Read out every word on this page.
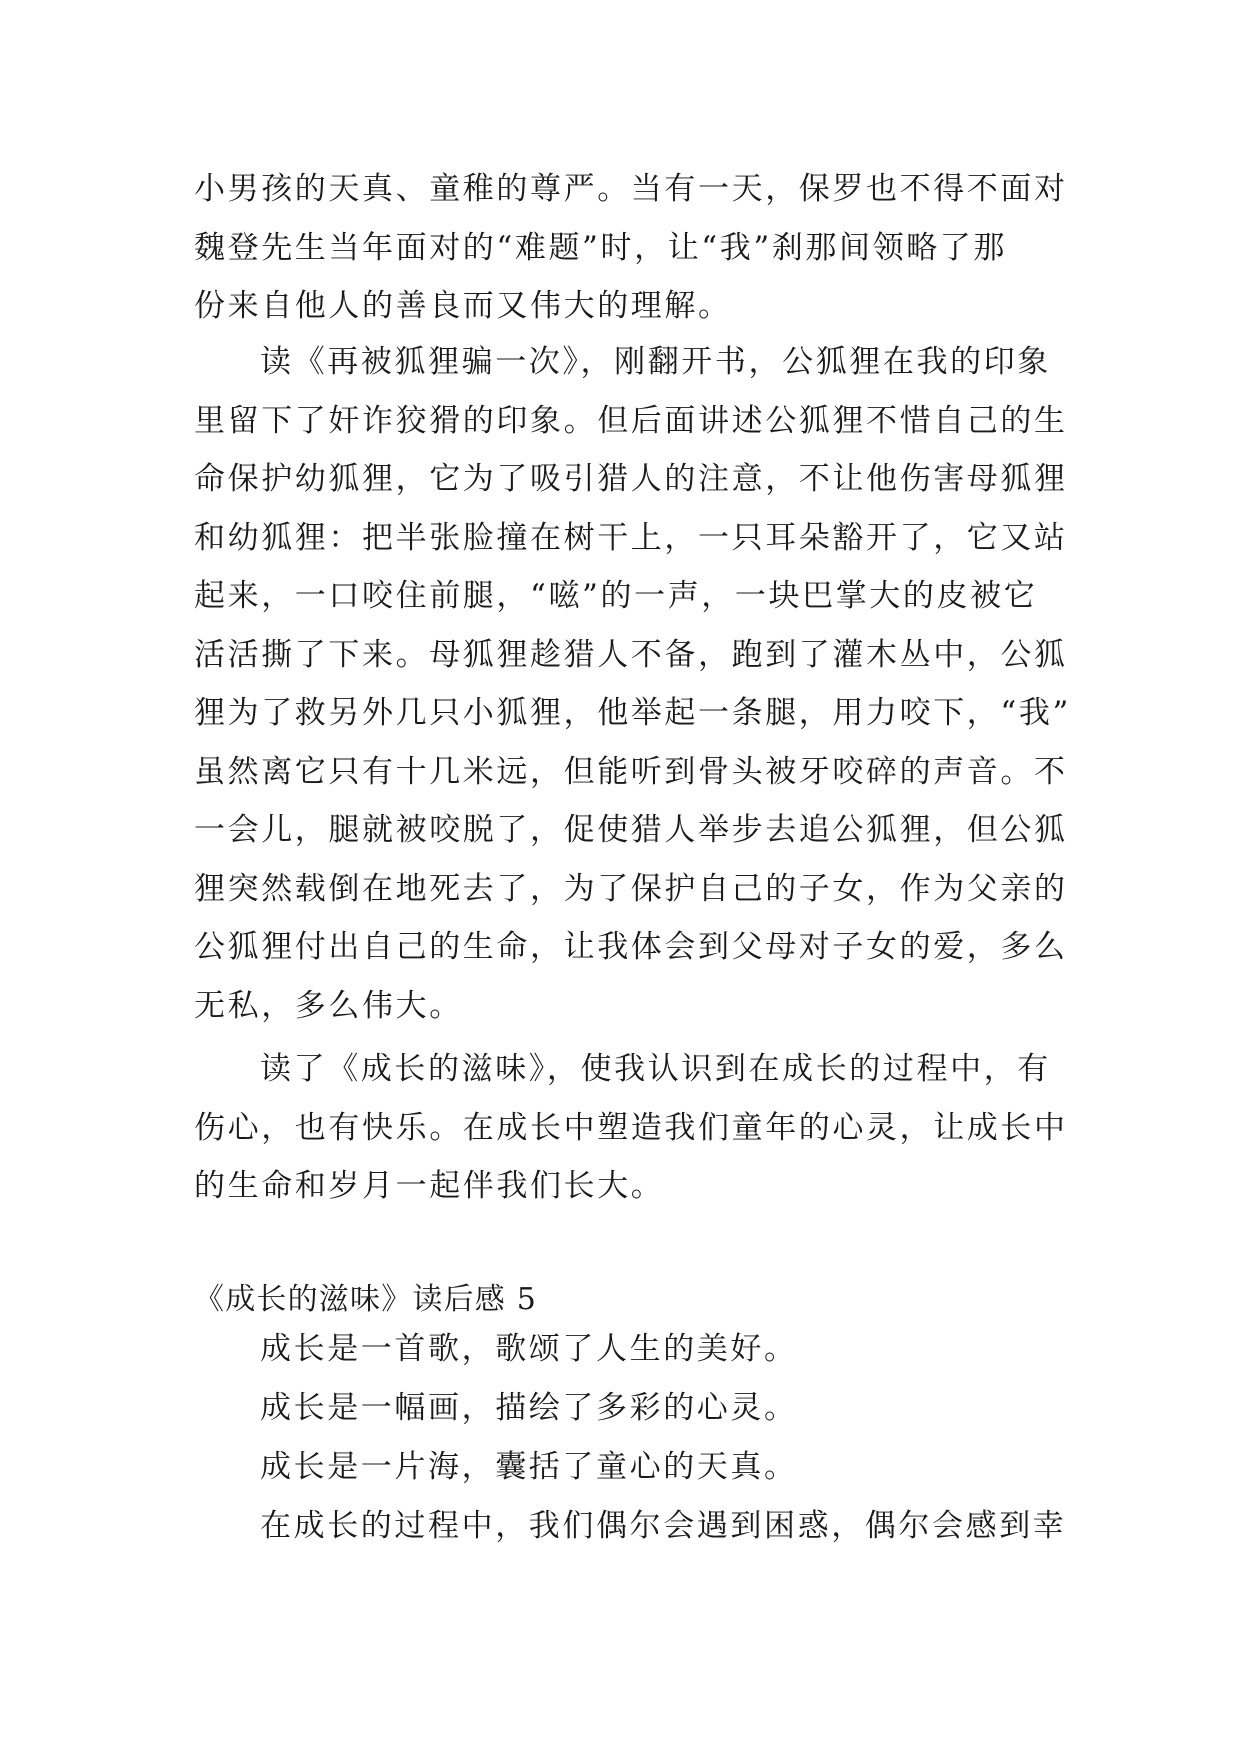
小男孩的天真、童稚的尊严。当有一天，保罗也不得不面对
魏登先生当年面对的“难题”时，让“我”刹那间领略了那
份来自他人的善良而又伟大的理解。
读《再被狐狸骗一次》，刚翻开书，公狐狸在我的印象
里留下了奸诈狡猾的印象。但后面讲述公狐狸不惜自己的生
命保护幼狐狸，它为了吸引猎人的注意，不让他伤害母狐狸
和幼狐狸：把半张脸撞在树干上，一只耳朵豁开了，它又站
起来，一口咬住前腿，“嗞”的一声，一块巴掌大的皮被它
活活撕了下来。母狐狸趁猎人不备，跑到了灌木丛中，公狐
狸为了救另外几只小狐狸，他举起一条腿，用力咬下，“我”
虽然离它只有十几米远，但能听到骨头被牙咬碎的声音。不
一会儿，腿就被咬脱了，促使猎人举步去追公狐狸，但公狐
狸突然载倒在地死去了，为了保护自己的子女，作为父亲的
公狐狸付出自己的生命，让我体会到父母对子女的爱，多么
无私，多么伟大。
读了《成长的滋味》，使我认识到在成长的过程中，有
伤心，也有快乐。在成长中塑造我们童年的心灵，让成长中
的生命和岁月一起伴我们长大。
《成长的滋味》读后感 5
成长是一首歌，歌颂了人生的美好。
成长是一幅画，描绘了多彩的心灵。
成长是一片海，囊括了童心的天真。
在成长的过程中，我们偶尔会遇到困惑，偶尔会感到幸
